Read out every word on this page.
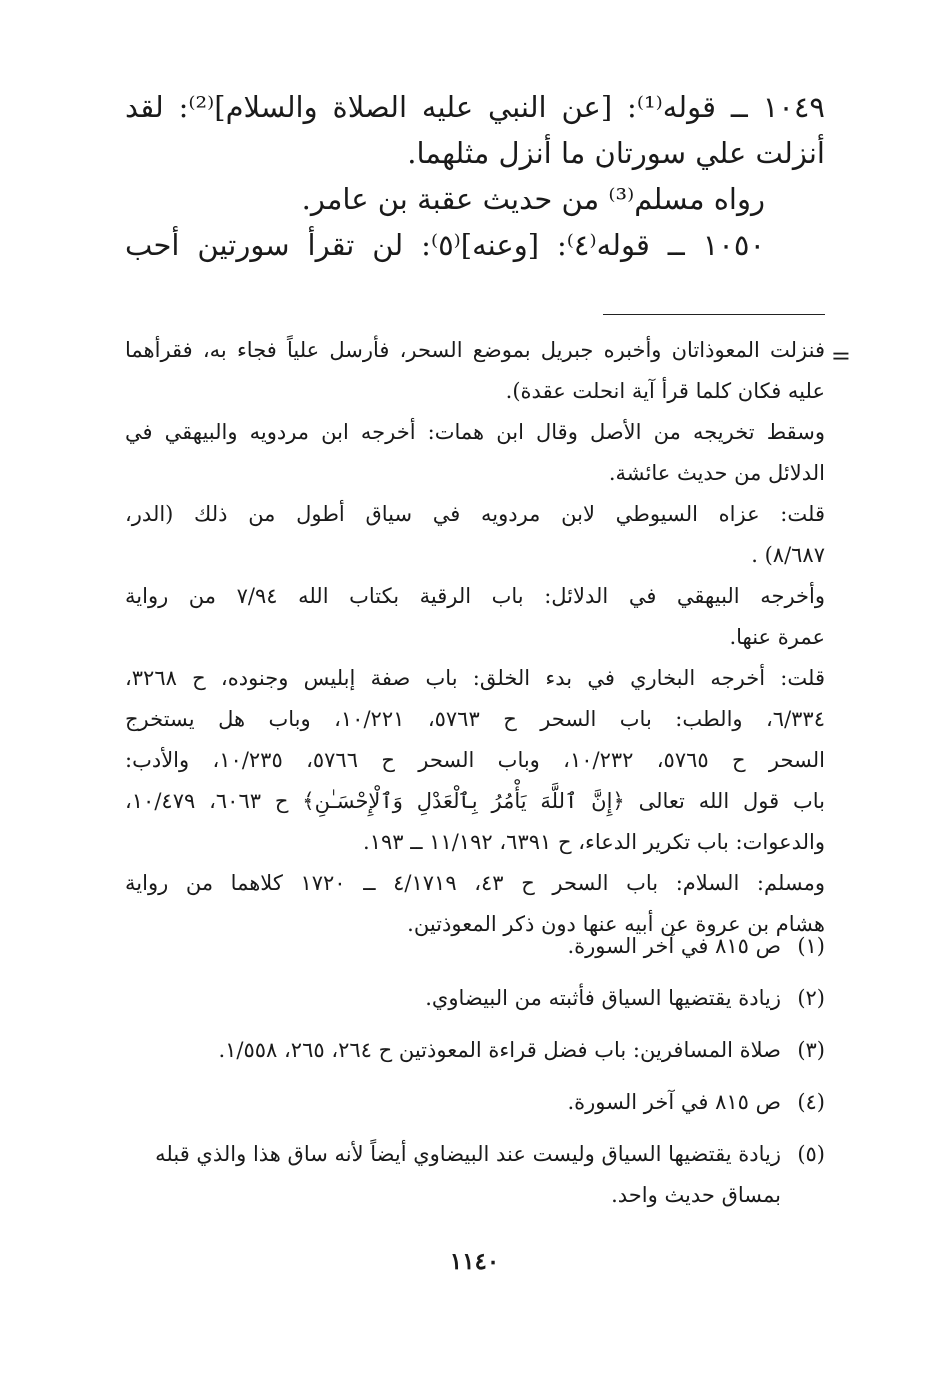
١٠٤٩ ــ قوله⁽¹⁾: [عن النبي عليه الصلاة والسلام]⁽²⁾: لقد
أنزلت علي سورتان ما أنزل مثلهما.
رواه مسلم⁽³⁾ من حديث عقبة بن عامر.
١٠٥٠ ــ قوله⁽٤⁾: [وعنه]⁽٥⁾: لن تقرأ سورتين أحب
=
فنزلت المعوذاتان وأخبره جبريل بموضع السحر، فأرسل علياً فجاء به، فقرأهما
عليه فكان كلما قرأ آية انحلت عقدة).
وسقط تخريجه من الأصل وقال ابن همات: أخرجه ابن مردويه والبيهقي في
الدلائل من حديث عائشة.
قلت: عزاه السيوطي لابن مردويه في سياق أطول من ذلك (الدر،
٨/٦٨٧) .
وأخرجه البيهقي في الدلائل: باب الرقية بكتاب الله ٧/٩٤ من رواية
عمرة عنها.
قلت: أخرجه البخاري في بدء الخلق: باب صفة إبليس وجنوده، ح ٣٢٦٨،
٦/٣٣٤، والطب: باب السحر ح ٥٧٦٣، ١٠/٢٢١، وباب هل يستخرج
السحر ح ٥٧٦٥، ١٠/٢٣٢، وباب السحر ح ٥٧٦٦، ١٠/٢٣٥، والأدب:
باب قول الله تعالى ﴿إِنَّ ٱللَّهَ يَأْمُرُ بِٱلْعَدْلِ وَٱلْإِحْسَـٰنِ﴾ ح ٦٠٦٣، ١٠/٤٧٩،
والدعوات: باب تكرير الدعاء، ح ٦٣٩١، ١١/١٩٢ ــ ١٩٣.
ومسلم: السلام: باب السحر ح ٤٣، ٤/١٧١٩ ــ ١٧٢٠ كلاهما من رواية
هشام بن عروة عن أبيه عنها دون ذكر المعوذتين.
(١)
ص ٨١٥ في آخر السورة.
(٢)
زيادة يقتضيها السياق فأثبته من البيضاوي.
(٣)
صلاة المسافرين: باب فضل قراءة المعوذتين ح ٢٦٤، ٢٦٥، ١/٥٥٨.
(٤)
ص ٨١٥ في آخر السورة.
(٥)
زيادة يقتضيها السياق وليست عند البيضاوي أيضاً لأنه ساق هذا والذي قبله
بمساق حديث واحد.
١١٤٠
